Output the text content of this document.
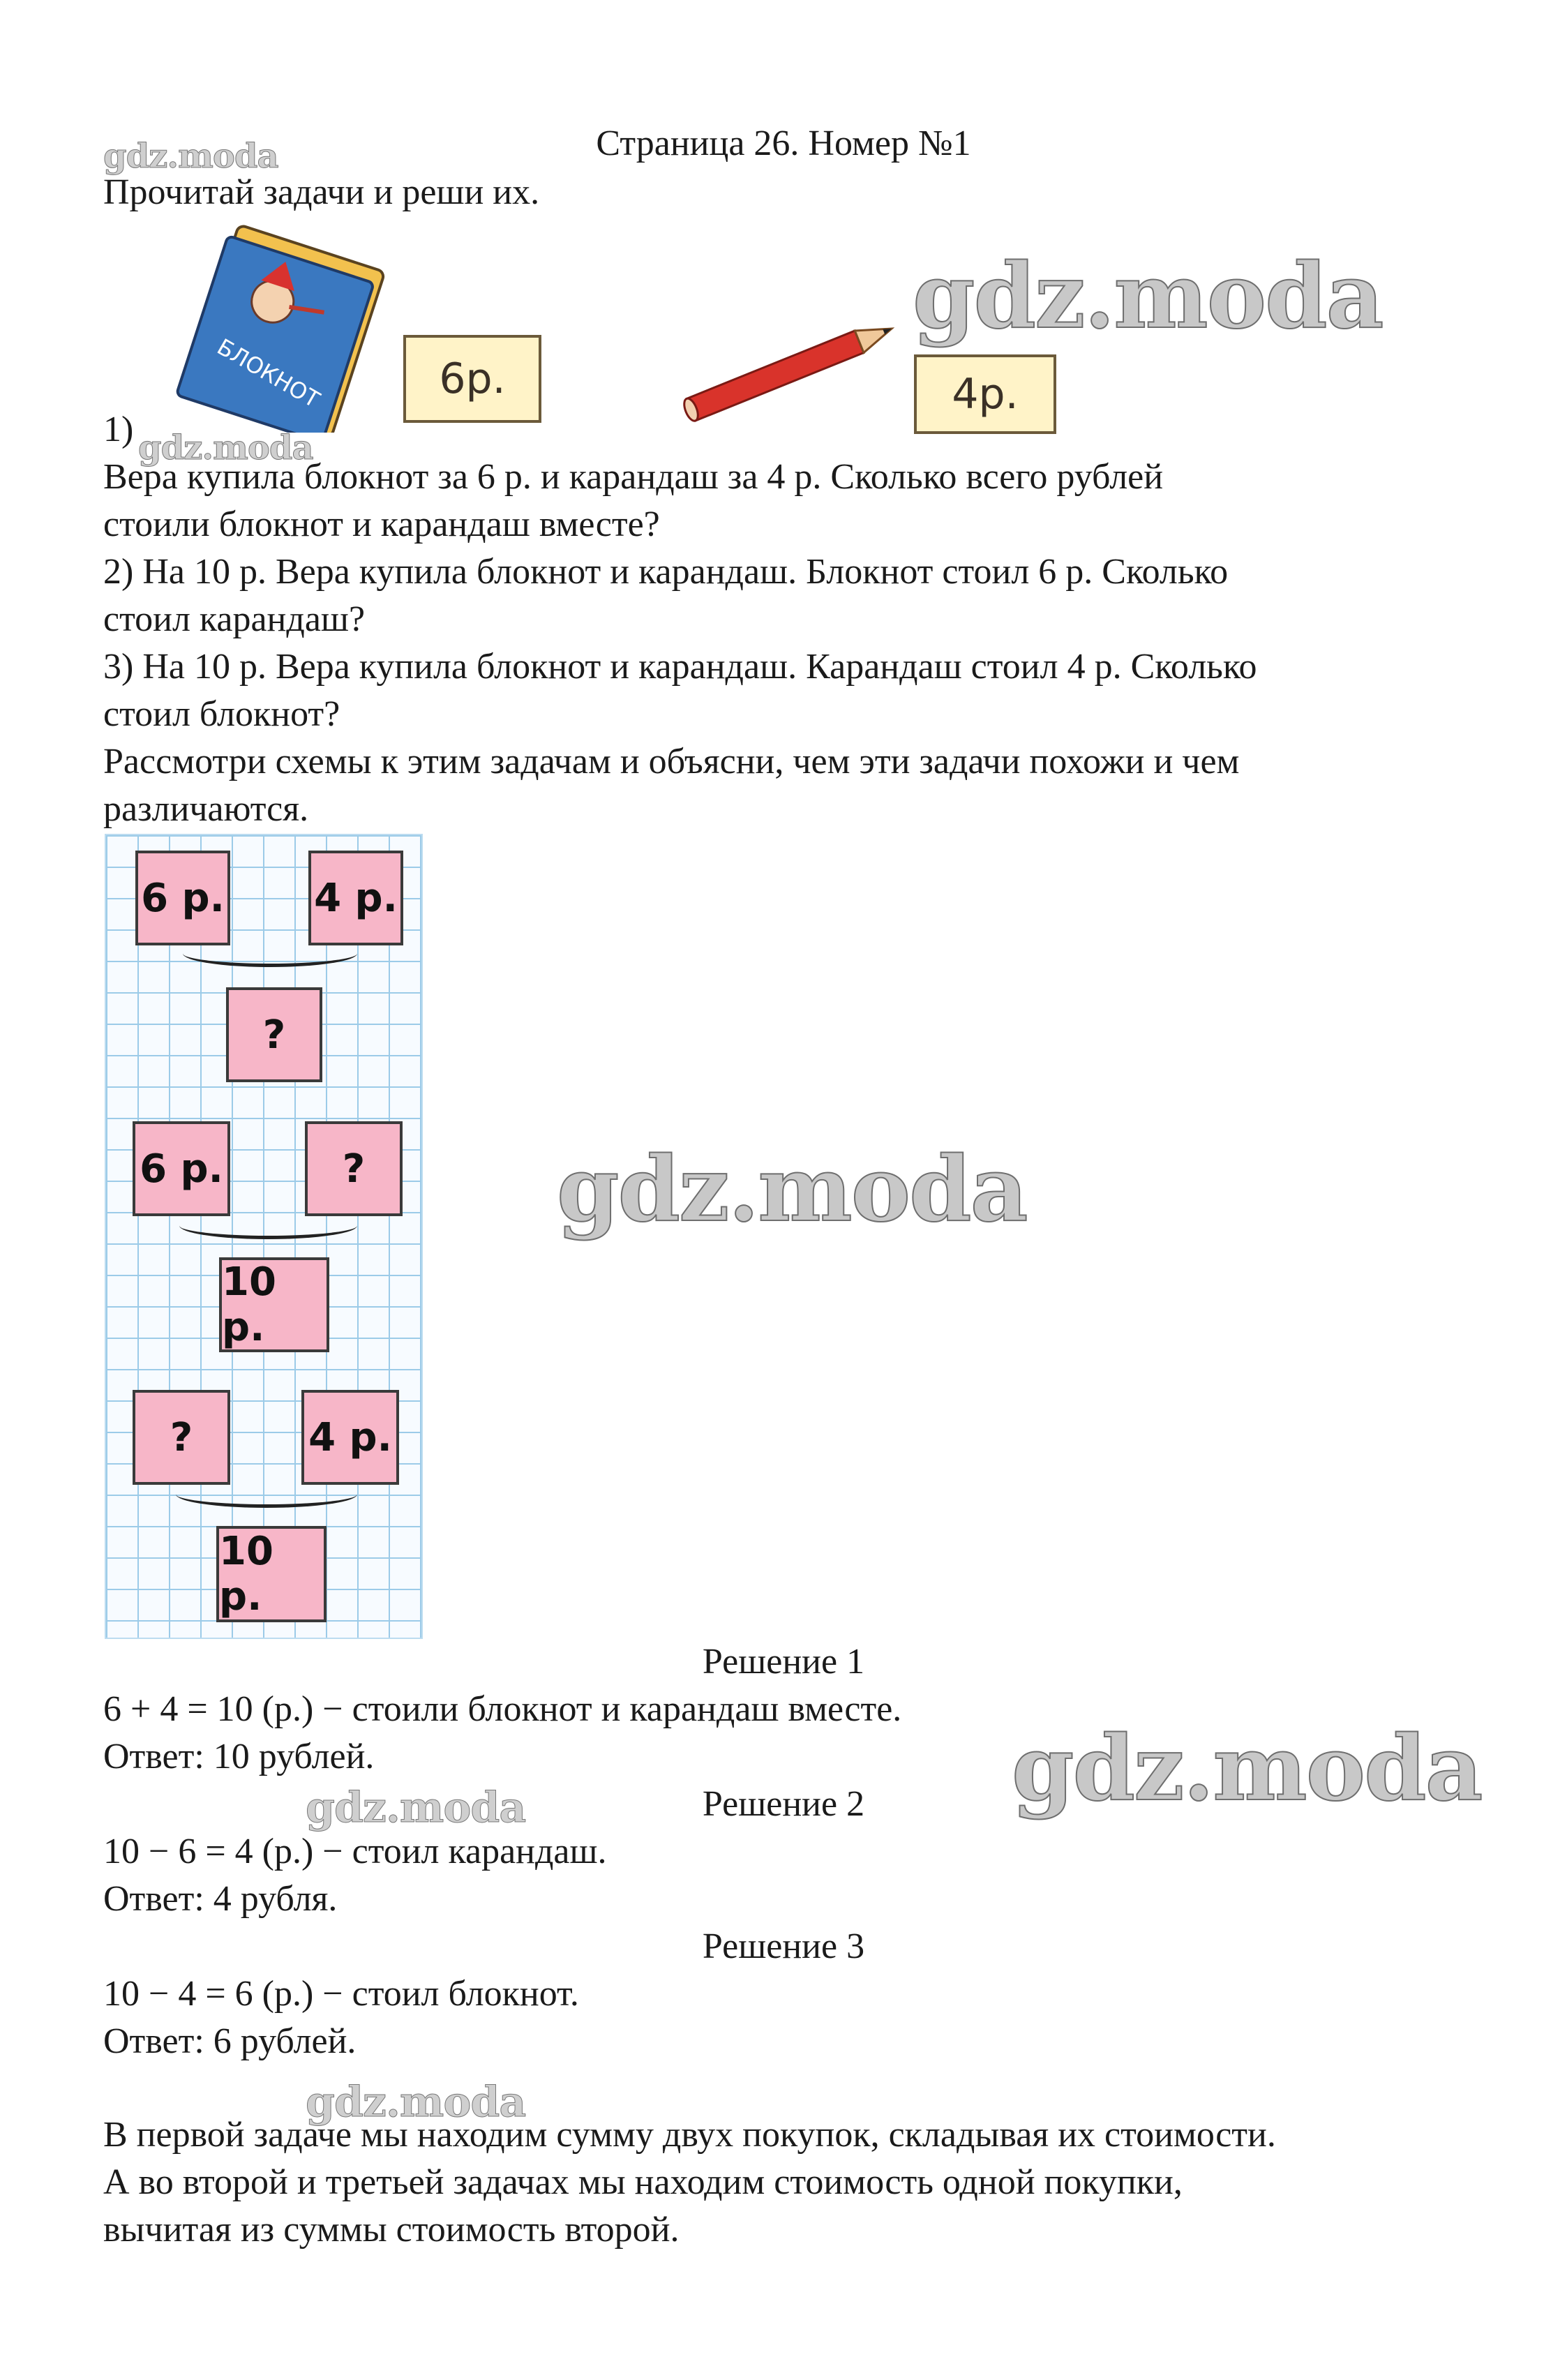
Страница 26. Номер №1
gdz.moda
Прочитай задачи и реши их.
БЛОКНОТ	6р.	4р.
gdz.moda
1) gdz.moda
Вера купила блокнот за 6 р. и карандаш за 4 р. Сколько всего рублей
стоили блокнот и карандаш вместе?
2) На 10 р. Вера купила блокнот и карандаш. Блокнот стоил 6 р. Сколько
стоил карандаш?
3) На 10 р. Вера купила блокнот и карандаш. Карандаш стоил 4 р. Сколько
стоил блокнот?
Рассмотри схемы к этим задачам и объясни, чем эти задачи похожи и чем
различаются.
6 р. 4 р.
?
6 р.	?
10 р.
?	4 р.
10 р.
gdz.moda
Решение 1
6 + 4 = 10 (р.) − стоили блокнот и карандаш вместе.
Ответ: 10 рублей.	gdz.moda
gdz.moda	Решение 2
10 − 6 = 4 (р.) − стоил карандаш.
Ответ: 4 рубля.
Решение 3
10 − 4 = 6 (р.) − стоил блокнот.
Ответ: 6 рублей.
gdz.moda
В первой задаче мы находим сумму двух покупок, складывая их стоимости.
А во второй и третьей задачах мы находим стоимость одной покупки,
вычитая из суммы стоимость второй.
